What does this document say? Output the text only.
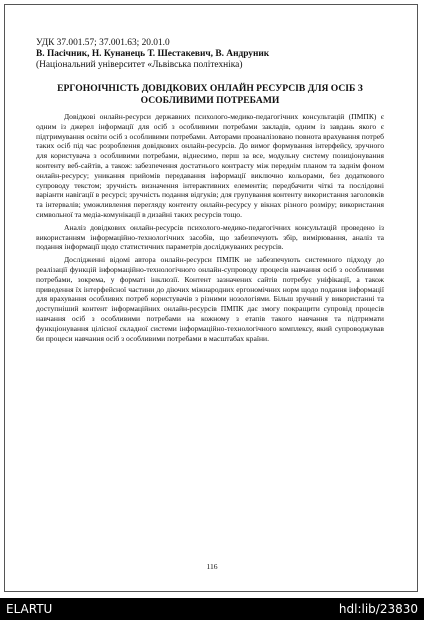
УДК 37.001.57; 37.001.63; 20.01.0
В. Пасічник, Н. Кунанець Т. Шестакевич, В. Андруник
(Національний університет «Львівська політехніка)
ЕРГОНОІЧНІСТЬ ДОВІДКОВИХ ОНЛАЙН РЕСУРСІВ ДЛЯ ОСІБ З ОСОБЛИВИМИ ПОТРЕБАМИ

Довідкові онлайн-ресурси державних психолого-медико-педагогічних консультацій (ПМПК) є одним із джерел інформації для осіб з особливими потребами закладів, одним із завдань якого є підтримування освіти осіб з особливими потребами. Авторами проаналізовано повнота врахування потреб таких осіб під час розроблення довідкових онлайн-ресурсів. До вимог формування інтерфейсу, зручного для користувача з особливими потребами, віднесимо, перш за все, модульну систему позиціонування контенту веб-сайтів, а також: забезпечення достатнього контрасту між переднім планом та заднім фоном онлайн-ресурсу; уникання прийомів передавання інформації виключно кольорами, без додаткового супроводу текстом; зручність визначення інтерактивних елементів; передбачити чіткі та послідовні варіанти навігації в ресурсі; зручність подання відгуків; для групування контенту використання заголовків та інтервалів; уможливлення перегляду контенту онлайн-ресурсу у вікнах різного розміру; використання символьної та медіа-комунікації в дизайні таких ресурсів тощо.

Аналіз довідкових онлайн-ресурсів психолого-медико-педагогічних консультацій проведено із використанням інформаційно-технологічних засобів, що забезпечують збір, вимірювання, аналіз та подання інформації щодо статистичних параметрів досліджуваних ресурсів.

Дослідженні відомі автора онлайн-ресурси ПМПК не забезпечують системного підходу до реалізації функцій інформаційно-технологічного онлайн-супроводу процесів навчання осіб з особливими потребами, зокрема, у форматі інклюзії. Контент зазначених сайтів потребує уніфікації, а також приведення їх інтерфейсної частини до діючих міжнародних ергономічних норм щодо подання інформації для врахування особливих потреб користувачів з різними нозологіями. Більш зручний у використанні та доступніший контент інформаційних онлайн-ресурсів ПМПК дає змогу покращити супровід процесів навчання осіб з особливими потребами на кожному з етапів такого навчання та підтримати функціонування цілісної складної системи інформаційно-технологічного комплексу, який супроводжував би процеси навчання осіб з особливими потребами в масштабах країни.

116
ELARTU	hdl:lib/23830
